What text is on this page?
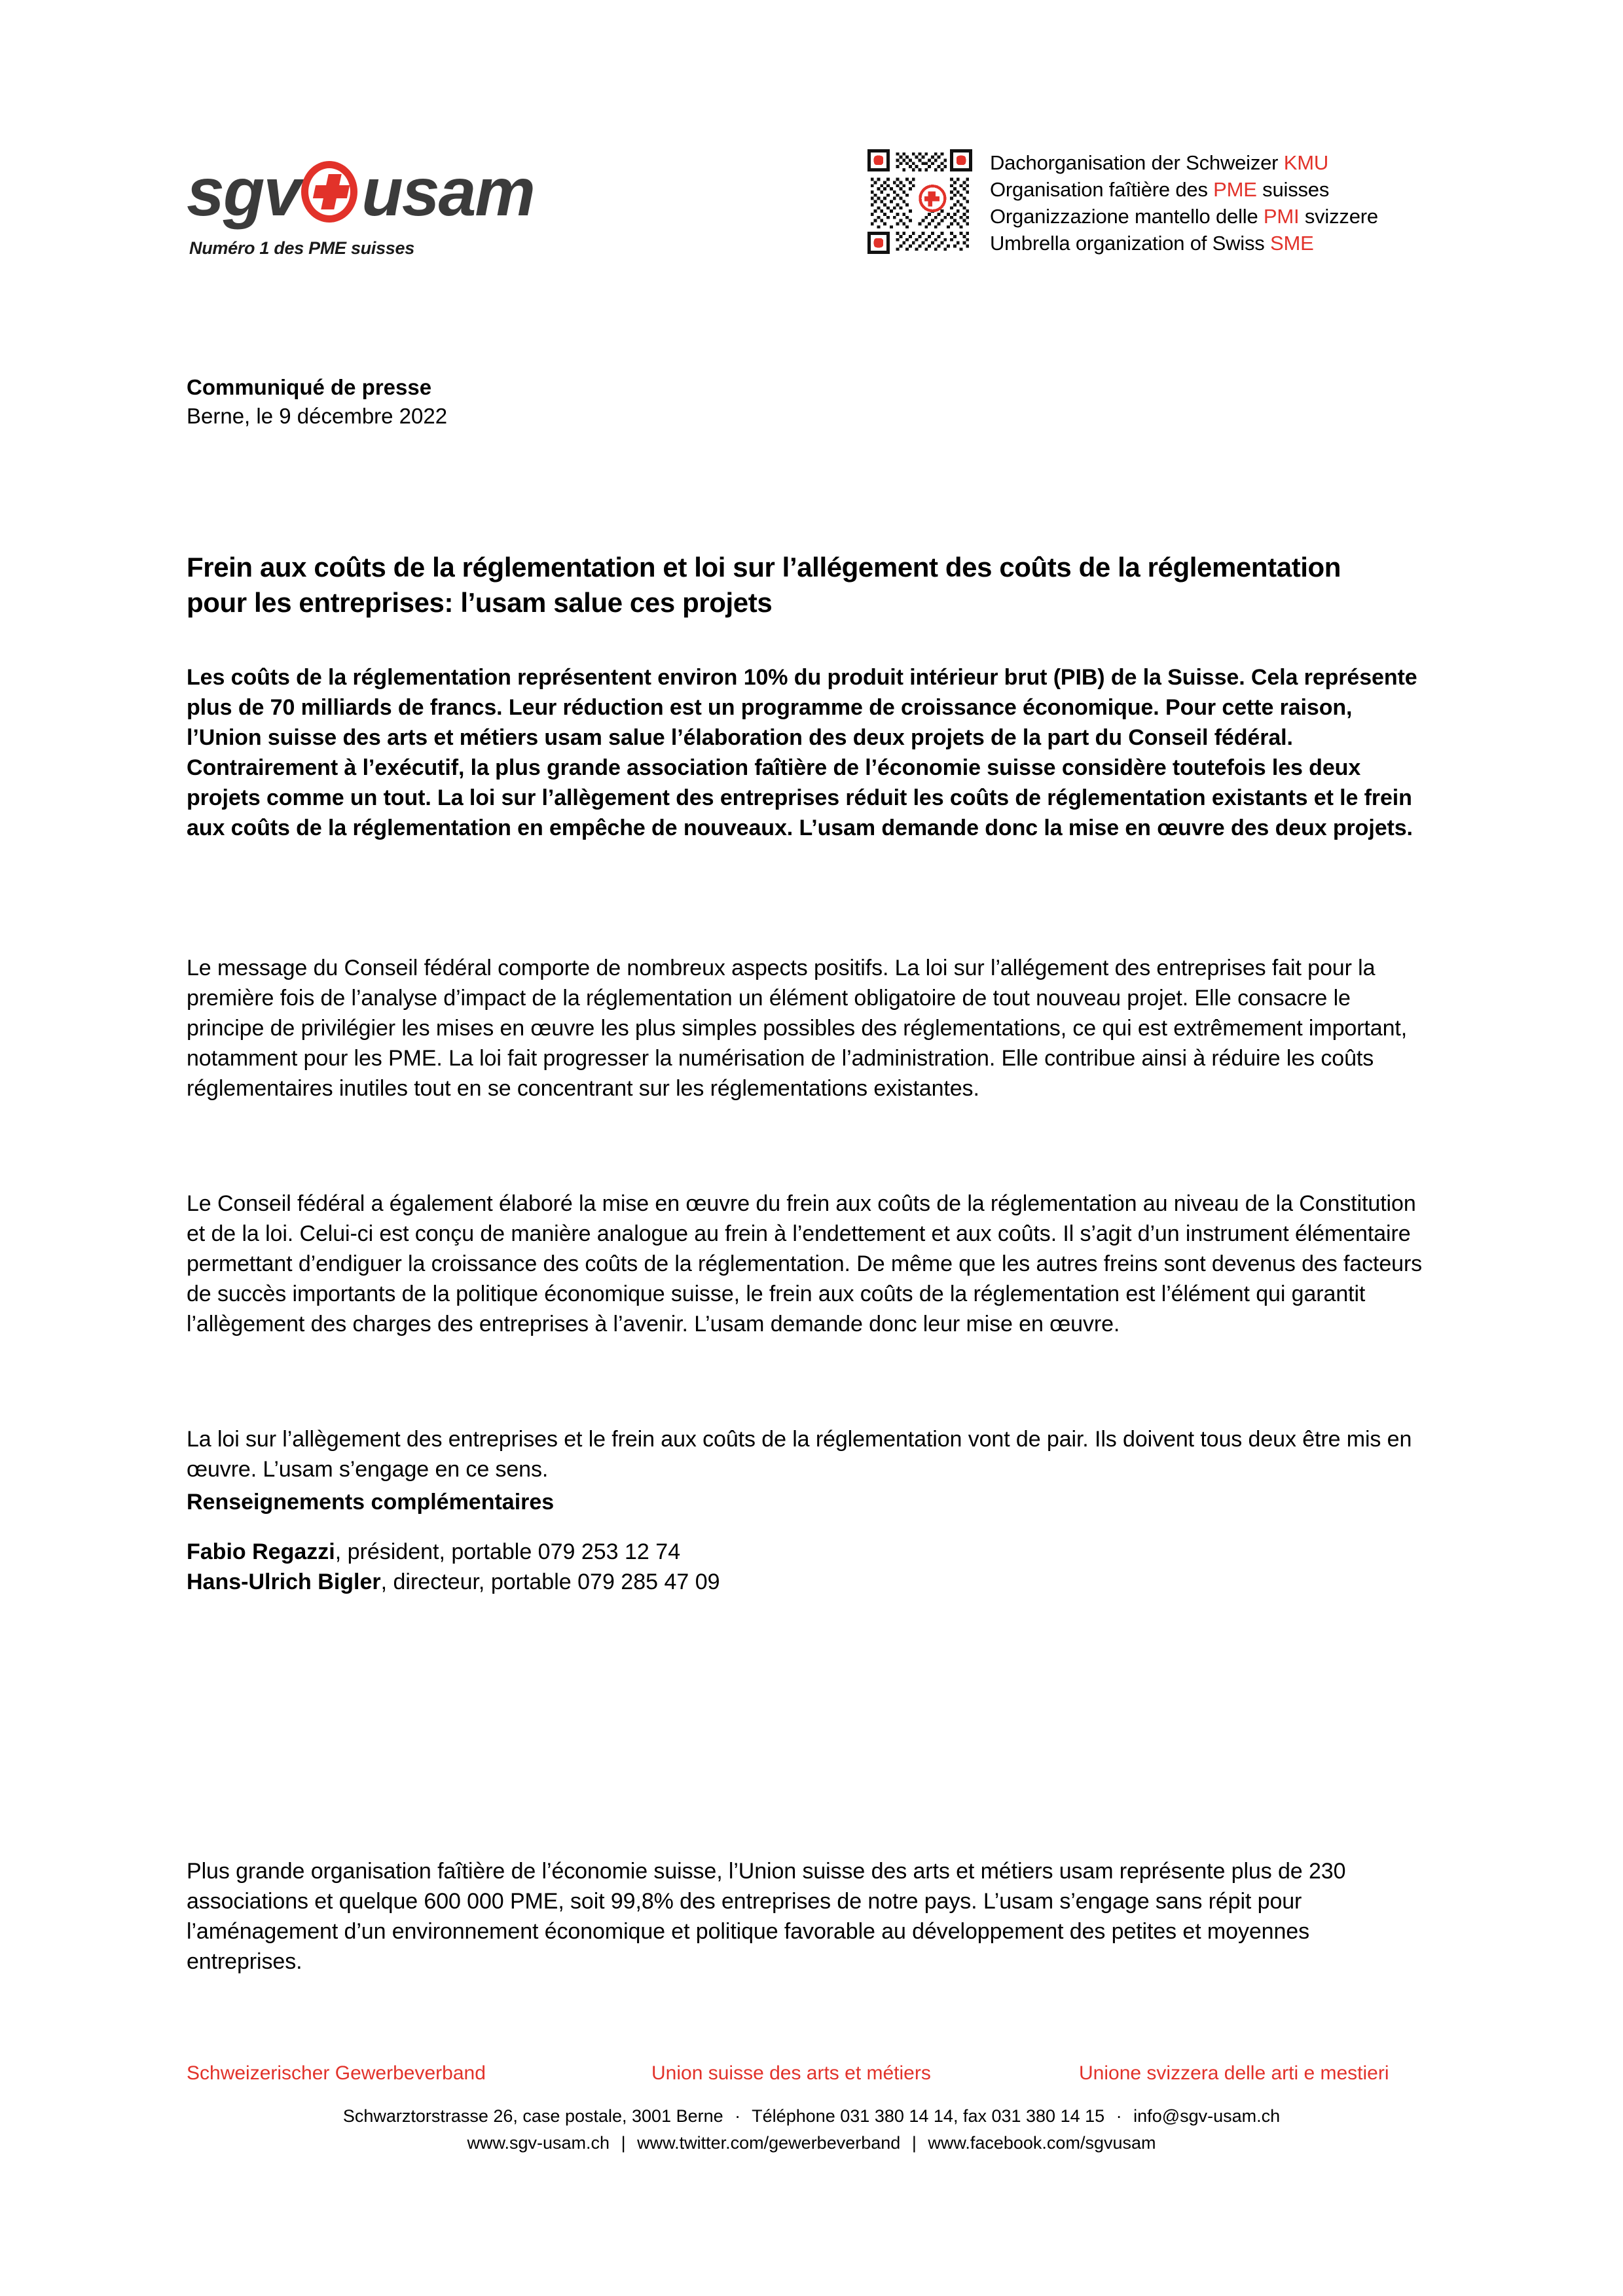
sgv usam
Numéro 1 des PME suisses
Dachorganisation der Schweizer KMU
Organisation faîtière des PME suisses
Organizzazione mantello delle PMI svizzere
Umbrella organization of Swiss SME
Communiqué de presse
Berne, le 9 décembre 2022
Frein aux coûts de la réglementation et loi sur l’allégement des coûts de la réglementation pour les entreprises: l’usam salue ces projets

Les coûts de la réglementation représentent environ 10% du produit intérieur brut (PIB) de la Suisse. Cela représente plus de 70 milliards de francs. Leur réduction est un programme de croissance économique. Pour cette raison, l’Union suisse des arts et métiers usam salue l’élaboration des deux projets de la part du Conseil fédéral. Contrairement à l’exécutif, la plus grande association faîtière de l’économie suisse considère toutefois les deux projets comme un tout. La loi sur l’allègement des entreprises réduit les coûts de réglementation existants et le frein aux coûts de la réglementation en empêche de nouveaux. L’usam demande donc la mise en œuvre des deux projets.

Le message du Conseil fédéral comporte de nombreux aspects positifs. La loi sur l’allégement des entreprises fait pour la première fois de l’analyse d’impact de la réglementation un élément obligatoire de tout nouveau projet. Elle consacre le principe de privilégier les mises en œuvre les plus simples possibles des réglementations, ce qui est extrêmement important, notamment pour les PME. La loi fait progresser la numérisation de l’administration. Elle contribue ainsi à réduire les coûts réglementaires inutiles tout en se concentrant sur les réglementations existantes.

Le Conseil fédéral a également élaboré la mise en œuvre du frein aux coûts de la réglementation au niveau de la Constitution et de la loi. Celui-ci est conçu de manière analogue au frein à l’endettement et aux coûts. Il s’agit d’un instrument élémentaire permettant d’endiguer la croissance des coûts de la réglementation. De même que les autres freins sont devenus des facteurs de succès importants de la politique économique suisse, le frein aux coûts de la réglementation est l’élément qui garantit l’allègement des charges des entreprises à l’avenir. L’usam demande donc leur mise en œuvre.

La loi sur l’allègement des entreprises et le frein aux coûts de la réglementation vont de pair. Ils doivent tous deux être mis en œuvre. L’usam s’engage en ce sens.

Renseignements complémentaires
Fabio Regazzi, président, portable 079 253 12 74
Hans-Ulrich Bigler, directeur, portable 079 285 47 09

Plus grande organisation faîtière de l’économie suisse, l’Union suisse des arts et métiers usam représente plus de 230 associations et quelque 600 000 PME, soit 99,8% des entreprises de notre pays. L’usam s’engage sans répit pour l’aménagement d’un environnement économique et politique favorable au développement des petites et moyennes entreprises.

Schweizerischer Gewerbeverband	Union suisse des arts et métiers	Unione svizzera delle arti e mestieri
Schwarztorstrasse 26, case postale, 3001 Berne · Téléphone 031 380 14 14, fax 031 380 14 15 · info@sgv-usam.ch
www.sgv-usam.ch | www.twitter.com/gewerbeverband | www.facebook.com/sgvusam
